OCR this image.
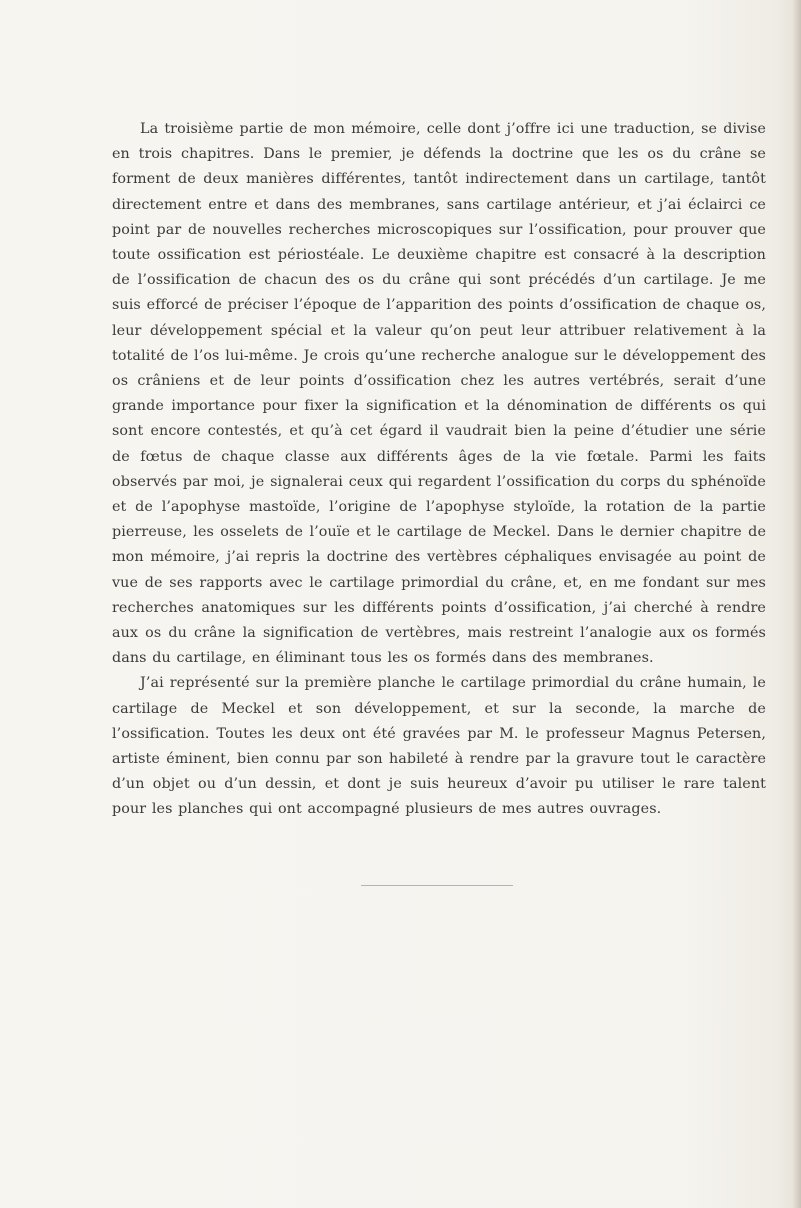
La troisième partie de mon mémoire, celle dont j’offre ici une traduction, se divise en trois chapitres. Dans le premier, je défends la doctrine que les os du crâne se forment de deux manières différentes, tantôt indirectement dans un cartilage, tantôt directement entre et dans des membranes, sans cartilage antérieur, et j’ai éclairci ce point par de nouvelles recherches microscopiques sur l’ossification, pour prouver que toute ossification est périostéale. Le deuxième chapitre est consacré à la description de l’ossification de chacun des os du crâne qui sont précédés d’un cartilage. Je me suis efforcé de préciser l’époque de l’apparition des points d’ossification de chaque os, leur développement spécial et la valeur qu’on peut leur attribuer relativement à la totalité de l’os lui-même. Je crois qu’une recherche analogue sur le développement des os crâniens et de leur points d’ossification chez les autres vertébrés, serait d’une grande importance pour fixer la signification et la dénomination de différents os qui sont encore contestés, et qu’à cet égard il vaudrait bien la peine d’étudier une série de fœtus de chaque classe aux différents âges de la vie fœtale. Parmi les faits observés par moi, je signalerai ceux qui regardent l’ossification du corps du sphénoïde et de l’apophyse mastoïde, l’origine de l’apophyse styloïde, la rotation de la partie pierreuse, les osselets de l’ouïe et le cartilage de Meckel. Dans le dernier chapitre de mon mémoire, j’ai repris la doctrine des vertèbres céphaliques envisagée au point de vue de ses rapports avec le cartilage primordial du crâne, et, en me fondant sur mes recherches anatomiques sur les différents points d’ossification, j’ai cherché à rendre aux os du crâne la signification de vertèbres, mais restreint l’analogie aux os formés dans du cartilage, en éliminant tous les os formés dans des membranes.

J’ai représenté sur la première planche le cartilage primordial du crâne humain, le cartilage de Meckel et son développement, et sur la seconde, la marche de l’ossification. Toutes les deux ont été gravées par M. le professeur Magnus Petersen, artiste éminent, bien connu par son habileté à rendre par la gravure tout le caractère d’un objet ou d’un dessin, et dont je suis heureux d’avoir pu utiliser le rare talent pour les planches qui ont accompagné plusieurs de mes autres ouvrages.
